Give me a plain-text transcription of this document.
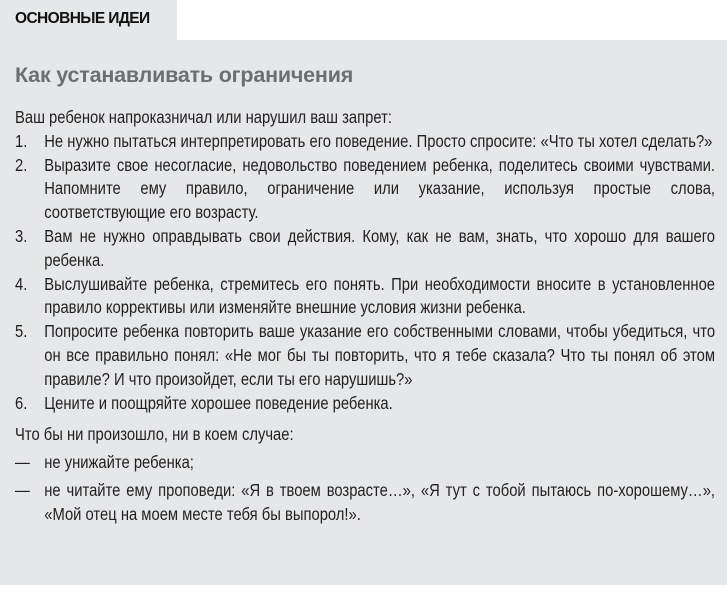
ОСНОВНЫЕ ИДЕИ
Как устанавливать ограничения

Ваш ребенок напроказничал или нарушил ваш запрет:

1. Не нужно пытаться интерпретировать его поведение. Просто спросите: «Что ты хотел сделать?»
2. Выразите свое несогласие, недовольство поведением ребенка, поделитесь своими чувствами. Напомните ему правило, ограничение или указание, используя простые слова, соответствующие его возрасту.
3. Вам не нужно оправдывать свои действия. Кому, как не вам, знать, что хорошо для вашего ребенка.
4. Выслушивайте ребенка, стремитесь его понять. При необходимости вносите в установленное правило коррективы или изменяйте внешние условия жизни ребенка.
5. Попросите ребенка повторить ваше указание его собственными словами, чтобы убедиться, что он все правильно понял: «Не мог бы ты повторить, что я тебе сказала? Что ты понял об этом правиле? И что произойдет, если ты его нарушишь?»
6. Цените и поощряйте хорошее поведение ребенка.

Что бы ни произошло, ни в коем случае:

— не унижайте ребенка;
— не читайте ему проповеди: «Я в твоем возрасте…», «Я тут с тобой пытаюсь по-хорошему…», «Мой отец на моем месте тебя бы выпорол!».
